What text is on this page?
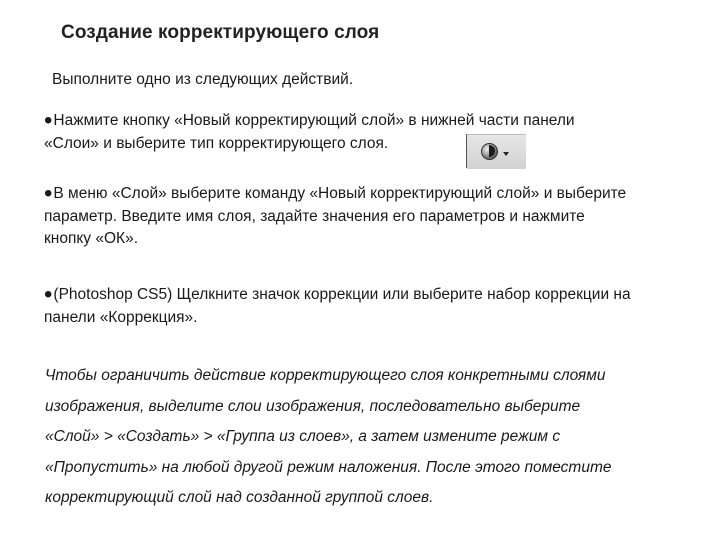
Создание корректирующего слоя
Выполните одно из следующих действий.
•Нажмите кнопку «Новый корректирующий слой» в нижней части панели
«Слои» и выберите тип корректирующего слоя.
•В меню «Слой» выберите команду «Новый корректирующий слой» и выберите
параметр. Введите имя слоя, задайте значения его параметров и нажмите
кнопку «ОК».
•(Photoshop CS5) Щелкните значок коррекции или выберите набор коррекции на
панели «Коррекция».
Чтобы ограничить действие корректирующего слоя конкретными слоями
изображения, выделите слои изображения, последовательно выберите
«Слой» > «Создать» > «Группа из слоев», а затем измените режим с
«Пропустить» на любой другой режим наложения. После этого поместите
корректирующий слой над созданной группой слоев.
